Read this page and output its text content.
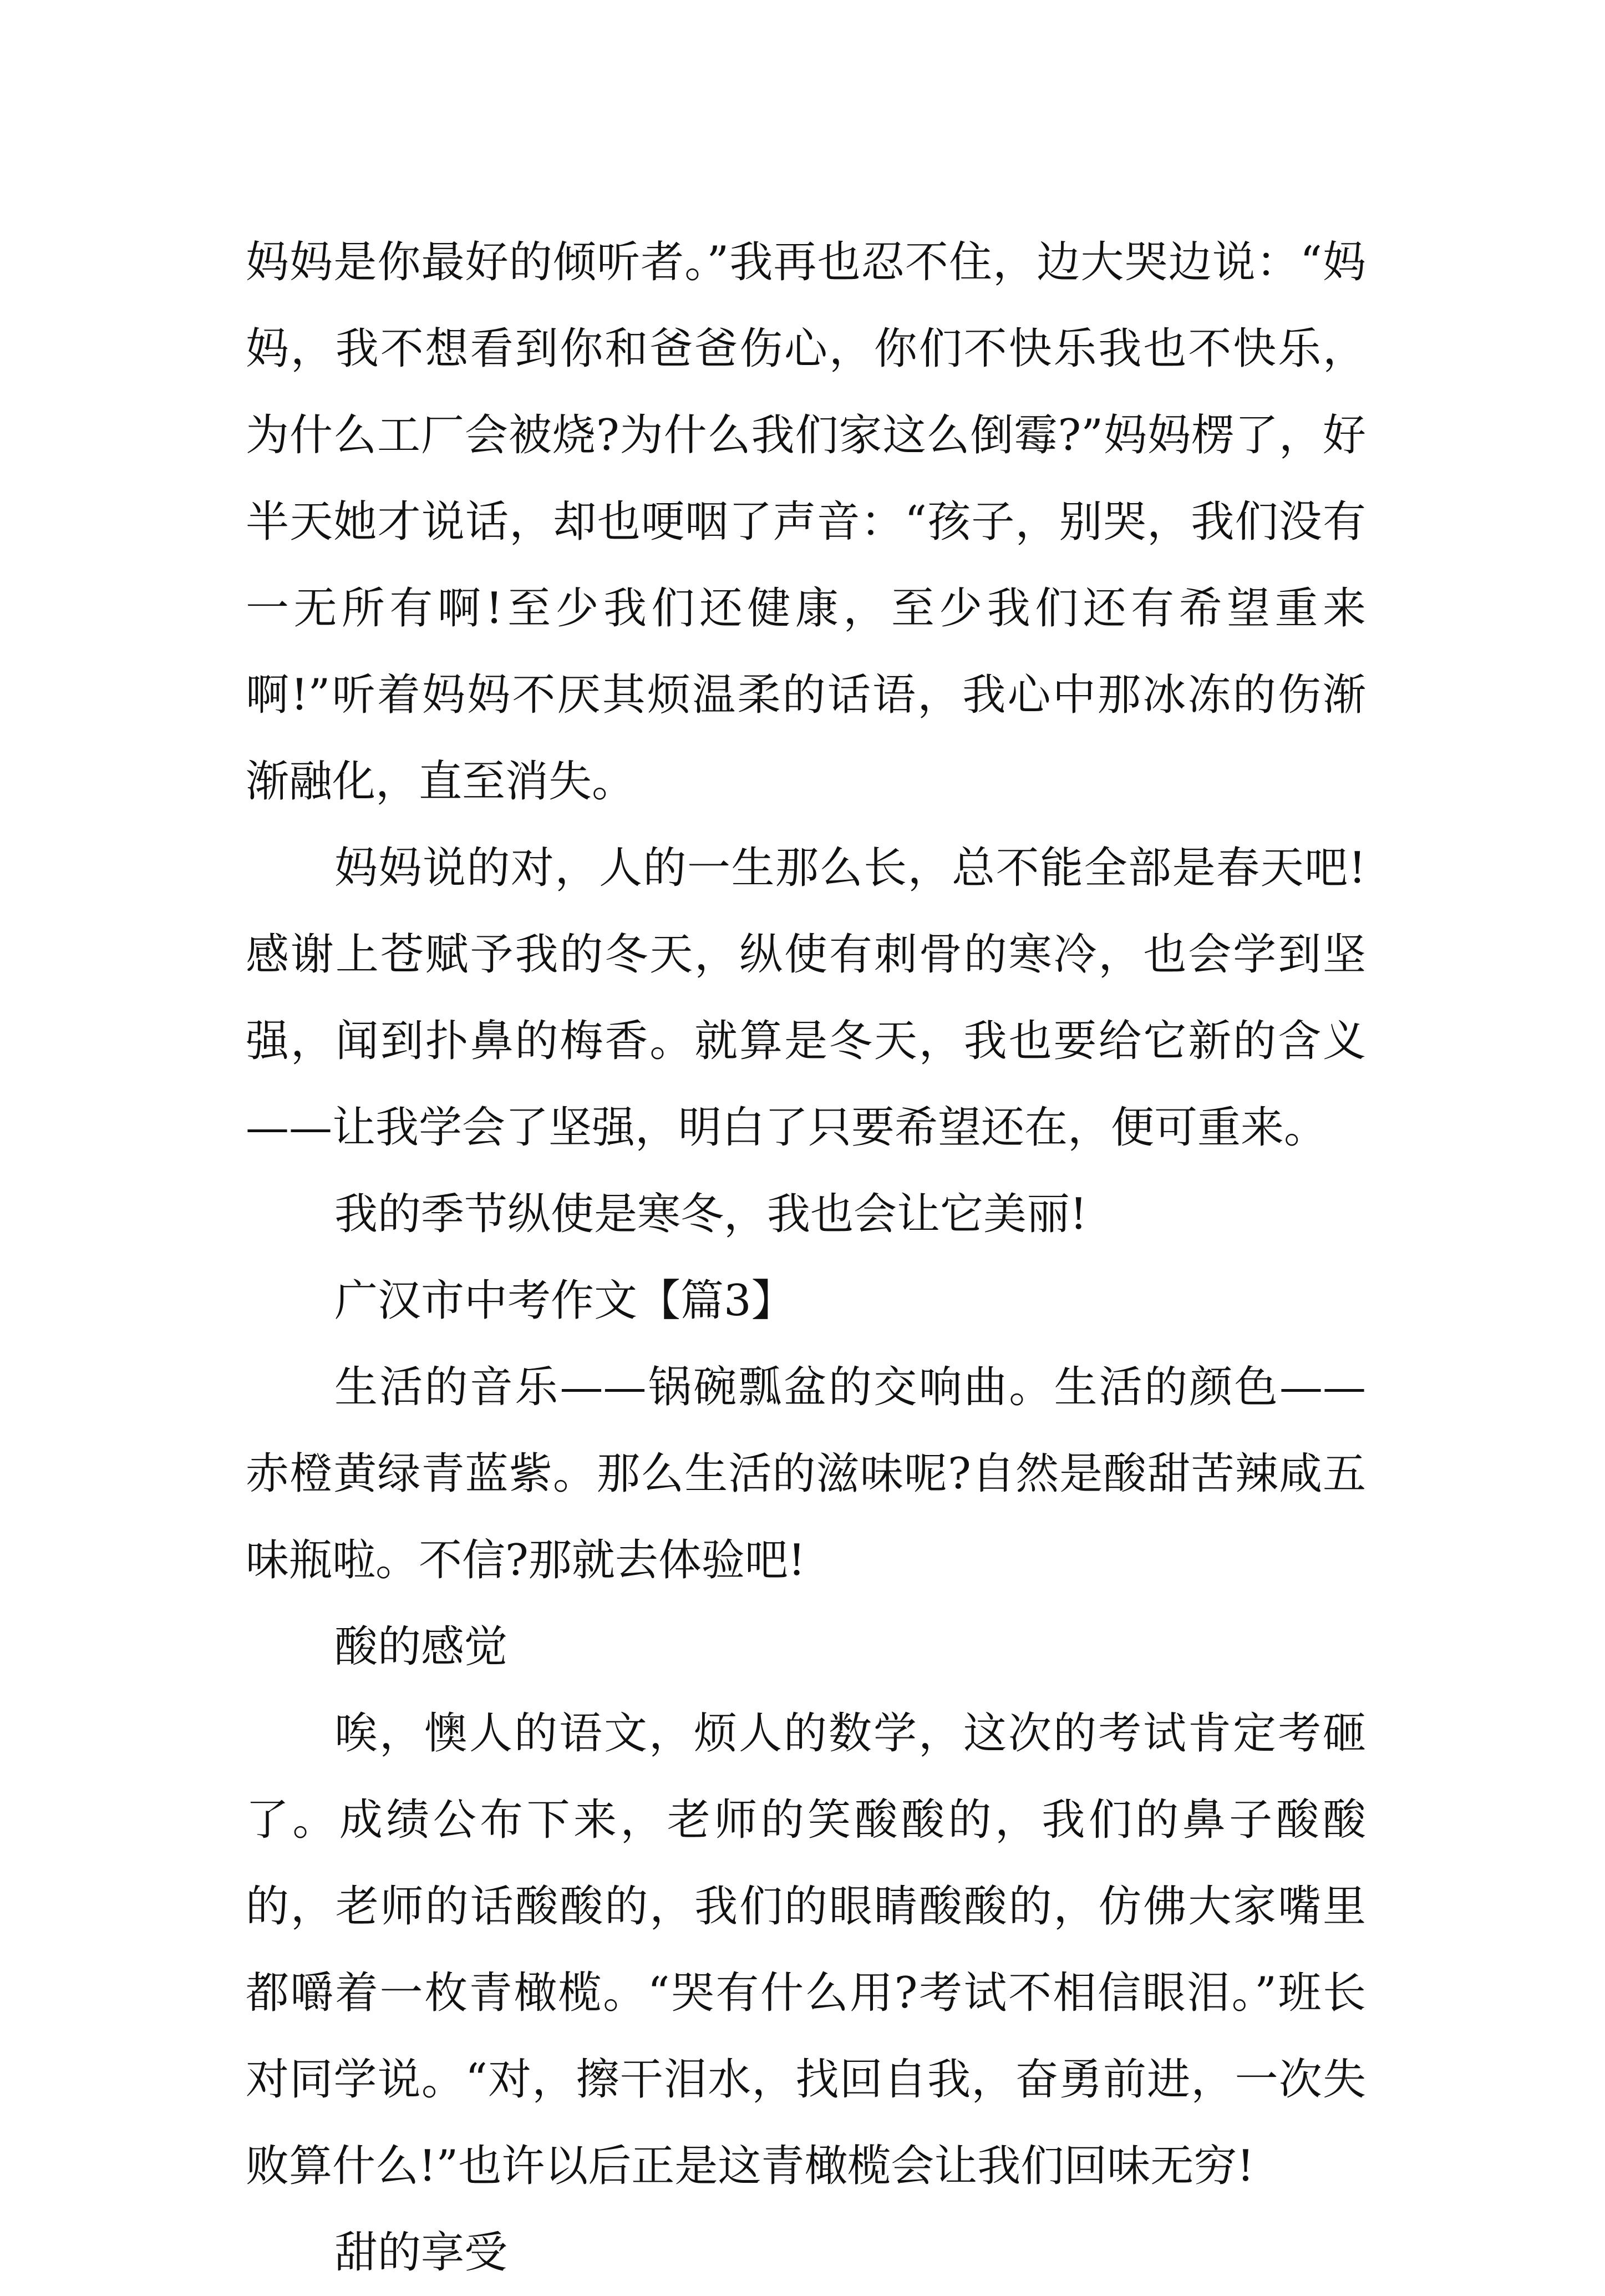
妈妈是你最好的倾听者。”我再也忍不住，边大哭边说：“妈妈，我不想看到你和爸爸伤心，你们不快乐我也不快乐，为什么工厂会被烧?为什么我们家这么倒霉?”妈妈楞了，好半天她才说话，却也哽咽了声音：“孩子，别哭，我们没有一无所有啊!至少我们还健康，至少我们还有希望重来啊!”听着妈妈不厌其烦温柔的话语，我心中那冰冻的伤渐渐融化，直至消失。

妈妈说的对，人的一生那么长，总不能全部是春天吧!感谢上苍赋予我的冬天，纵使有刺骨的寒冷，也会学到坚强，闻到扑鼻的梅香。就算是冬天，我也要给它新的含义——让我学会了坚强，明白了只要希望还在，便可重来。

我的季节纵使是寒冬，我也会让它美丽!

广汉市中考作文【篇3】

生活的音乐——锅碗瓢盆的交响曲。生活的颜色——赤橙黄绿青蓝紫。那么生活的滋味呢?自然是酸甜苦辣咸五味瓶啦。不信?那就去体验吧!

酸的感觉

唉，懊人的语文，烦人的数学，这次的考试肯定考砸了。成绩公布下来，老师的笑酸酸的，我们的鼻子酸酸的，老师的话酸酸的，我们的眼睛酸酸的，仿佛大家嘴里都嚼着一枚青橄榄。“哭有什么用?考试不相信眼泪。”班长对同学说。“对，擦干泪水，找回自我，奋勇前进，一次失败算什么!”也许以后正是这青橄榄会让我们回味无穷!

甜的享受
